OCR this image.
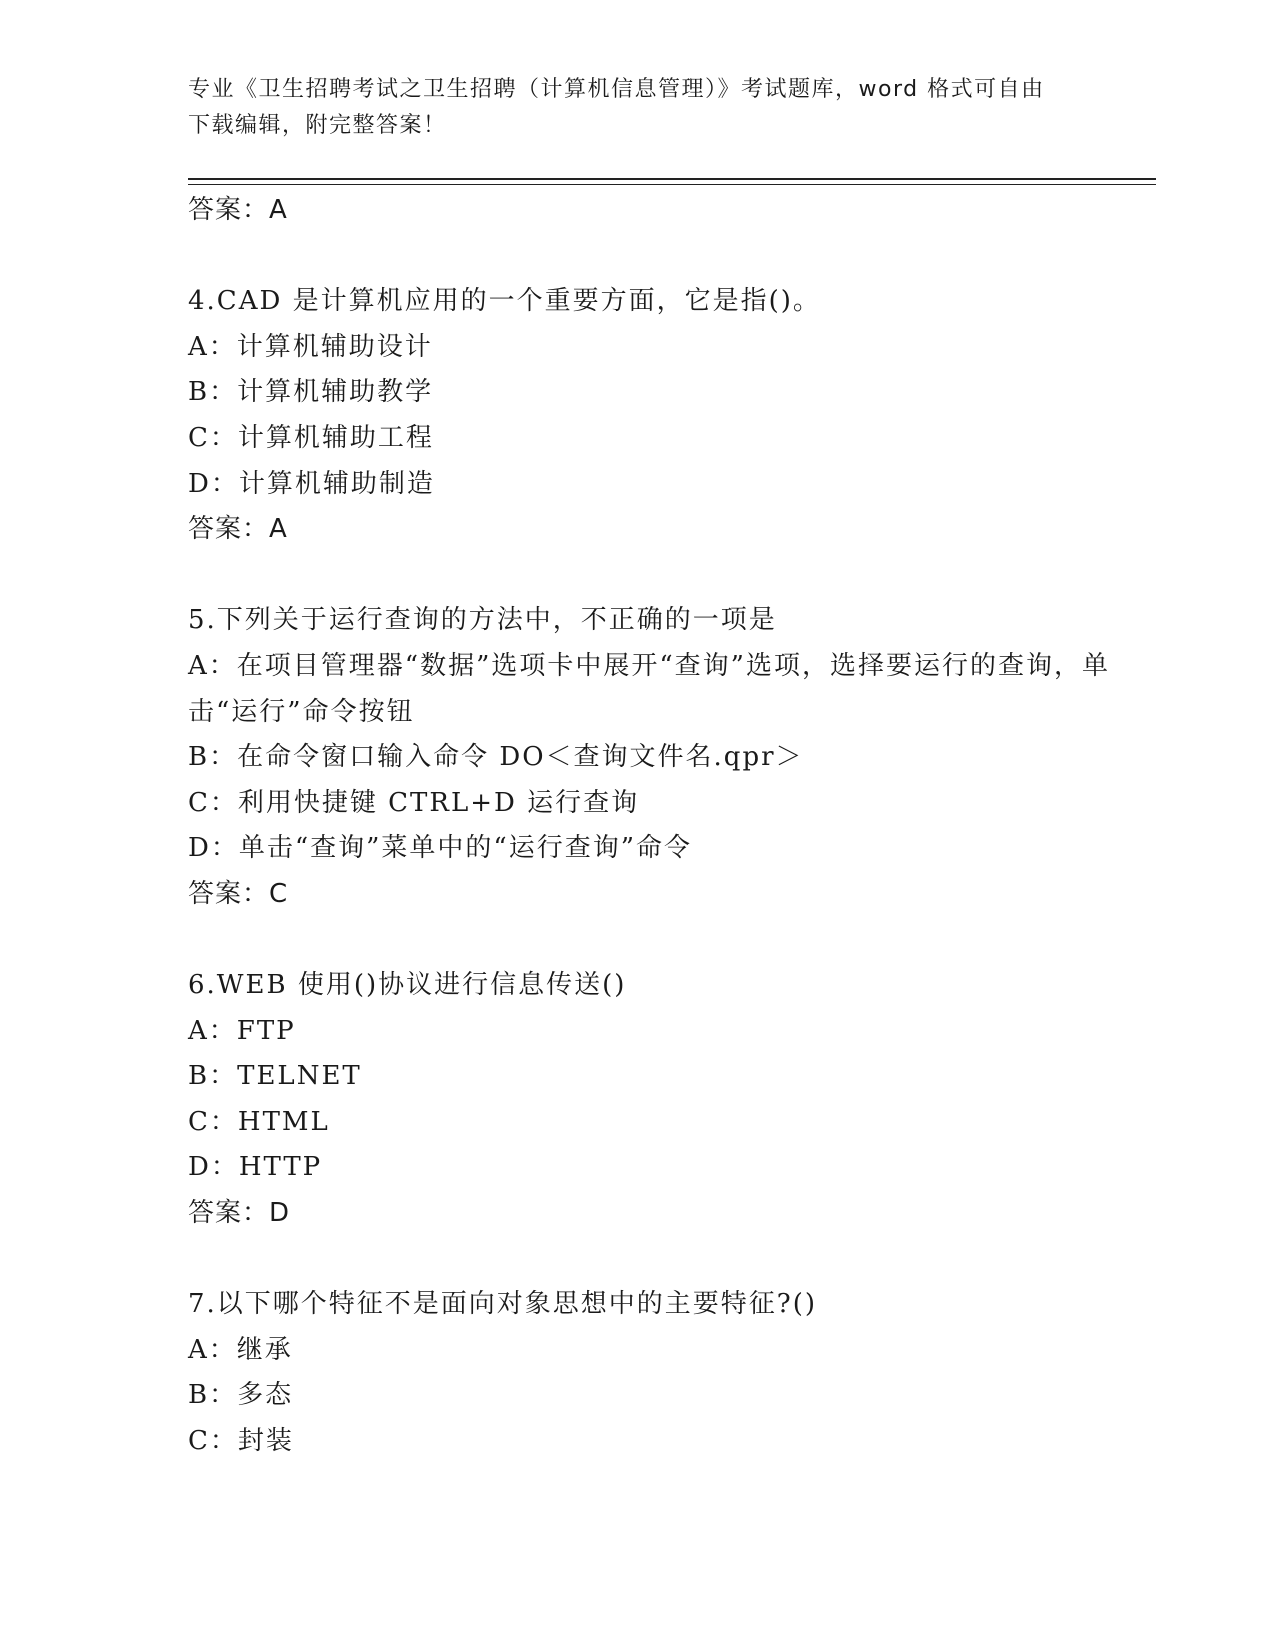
专业《卫生招聘考试之卫生招聘（计算机信息管理）》考试题库，word 格式可自由下载编辑，附完整答案！
答案：A
4.CAD 是计算机应用的一个重要方面，它是指()。
A：计算机辅助设计
B：计算机辅助教学
C：计算机辅助工程
D：计算机辅助制造
答案：A
5.下列关于运行查询的方法中，不正确的一项是
A：在项目管理器“数据”选项卡中展开“查询”选项，选择要运行的查询，单击“运行”命令按钮
B：在命令窗口输入命令 DO＜查询文件名.qpr＞
C：利用快捷键 CTRL+D 运行查询
D：单击“查询”菜单中的“运行查询”命令
答案：C
6.WEB 使用()协议进行信息传送()
A：FTP
B：TELNET
C：HTML
D：HTTP
答案：D
7.以下哪个特征不是面向对象思想中的主要特征?()
A：继承
B：多态
C：封装
